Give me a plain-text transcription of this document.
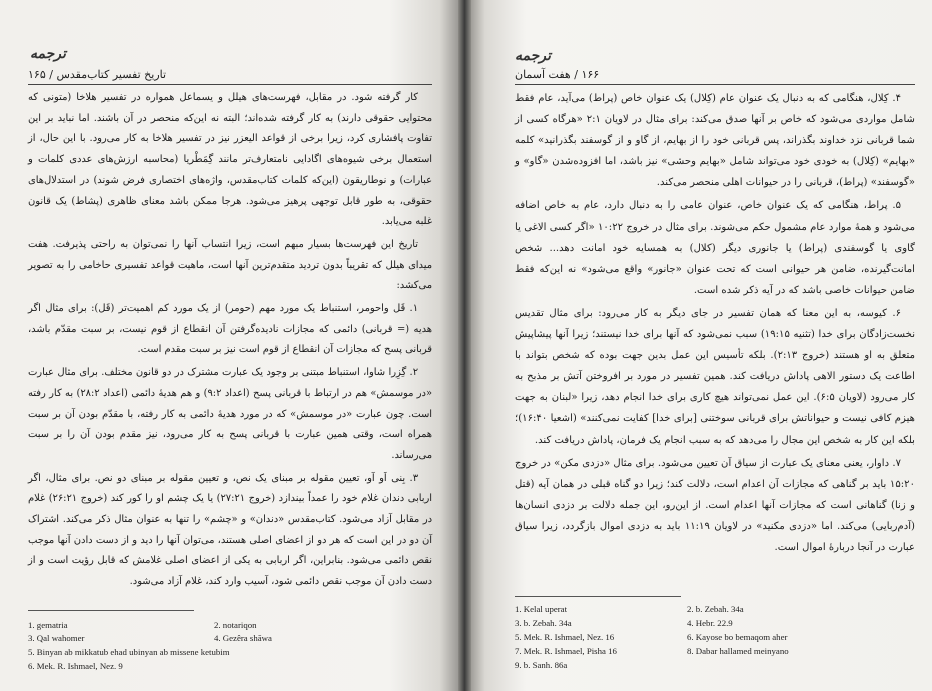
ترجمه
تاریخ تفسیر کتاب‌مقدس / ۱۶۵

کار گرفته شود. در مقابل، فهرست‌های هیلل و یسماعل همواره در تفسیر هلاخا (متونی که محتوایی حقوقی دارند) به کار گرفته شده‌اند؛ البته نه این‌که منحصر در آن باشند. اما نباید بر این تفاوت پافشاری کرد، زیرا برخی از قواعد الیعزر نیز در تفسیر هلاخا به کار می‌رود. با این حال، از استعمال برخی شیوه‌های اگادایی نامتعارف‌تر مانند گِمَطْریا (محاسبه ارزش‌های عددی کلمات و عبارات) و نوطاریقون (این‌که کلمات کتاب‌مقدس، واژه‌های اختصاری فرض شوند) در استدلال‌های حقوقی، به طور قابل توجهی پرهیز می‌شود. هرجا ممکن باشد معنای ظاهری (پشاط) یک قانون غلبه می‌یابد.

تاریخ این فهرست‌ها بسیار مبهم است، زیرا انتساب آنها را نمی‌توان به راحتی پذیرفت. هفت میدای هیلل که تقریباً بدون تردید متقدم‌ترین آنها است، ماهیت قواعد تفسیری حاخامی را به تصویر می‌کشد:

۱. قَل واحومر، استنباط یک مورد مهم (حومر) از یک مورد کم اهمیت‌تر (قَل): برای مثال اگر هدیه (= قربانی) دائمی که مجازات نادیده‌گرفتن آن انقطاع از قوم نیست، بر سبت مقدّم باشد، قربانی پسح که مجازات آن انقطاع از قوم است نیز بر سبت مقدم است.

۲. گِزِرا شاوا، استنباط مبتنی بر وجود یک عبارت مشترک در دو قانون مختلف. برای مثال عبارت «در موسمش» هم در ارتباط با قربانی پسح (اعداد ۹:۲) و هم هدیهٔ دائمی (اعداد ۲۸:۲) به کار رفته است. چون عبارت «در موسمش» که در مورد هدیهٔ دائمی به کار رفته، با مقدّم بودن آن بر سبت همراه است، وقتی همین عبارت با قربانی پسح به کار می‌رود، نیز مقدم بودن آن را بر سبت می‌رساند.

۳. بِنی اَو آو، تعیین مقوله بر مبنای یک نص، و تعیین مقوله بر مبنای دو نص. برای مثال، اگر اربابی دندان غلام خود را عمداً بیندازد (خروج ۲۷:۲۱) یا یک چشم او را کور کند (خروج ۲۶:۲۱) غلام در مقابل آزاد می‌شود. کتاب‌مقدس «دندان» و «چشم» را تنها به عنوان مثال ذکر می‌کند. اشتراک آن دو در این است که هر دو از اعضای اصلی هستند، می‌توان آنها را دید و از دست دادن آنها موجب نقص دائمی می‌شود. بنابراین، اگر اربابی به یکی از اعضای اصلی غلامش که قابل رؤیت است و از دست دادن آن موجب نقص دائمی شود، آسیب وارد کند، غلام آزاد می‌شود.

1. gematria	2. notariqon
3. Qal wahomer	4. Gezêra shāwa
5. Binyan ab mikkatub ehad ubinyan ab missene ketubim
6. Mek. R. Ishmael, Nez. 9
ترجمه
۱۶۶ / هفت آسمان

۴. کِلال، هنگامی که به دنبال یک عنوان عام (کِلال) یک عنوان خاص (پراط) می‌آید، عام فقط شامل مواردی می‌شود که خاص بر آنها صدق می‌کند: برای مثال در لاویان ۲:۱ «هرگاه کسی از شما قربانی نزد خداوند بگذراند، پس قربانی خود را از بهایم، از گاو و از گوسفند بگذرانید» کلمه «بهایم» (کِلال) به خودی خود می‌تواند شامل «بهایم وحشی» نیز باشد، اما افزوده‌شدن «گاو» و «گوسفند» (پراط)، قربانی را در حیوانات اهلی منحصر می‌کند.

۵. پراط، هنگامی که یک عنوان خاص، عنوان عامی را به دنبال دارد، عام به خاص اضافه می‌شود و همهٔ موارد عام مشمول حکم می‌شوند. برای مثال در خروج ۱۰:۲۲ «اگر کسی الاغی یا گاوی یا گوسفندی (پراط) یا جانوری دیگر (کلال) به همسایه خود امانت دهد... شخص امانت‌گیرنده، ضامن هر حیوانی است که تحت عنوان «جانور» واقع می‌شود» نه این‌که فقط ضامن حیوانات خاصی باشد که در آیه ذکر شده است.

۶. کیوسه، به این معنا که همان تفسیر در جای دیگر به کار می‌رود: برای مثال تقدیس نخست‌زادگان برای خدا (تثنیه ۱۹:۱۵) سبب نمی‌شود که آنها برای خدا نیستند؛ زیرا آنها پیشاپیش متعلق به او هستند (خروج ۲:۱۳). بلکه تأسیس این عمل بدین جهت بوده که شخص بتواند با اطاعت یک دستور الاهی پاداش دریافت کند. همین تفسیر در مورد بر افروختن آتش بر مذبح به کار می‌رود (لاویان ۶:۵). این عمل نمی‌تواند هیچ کاری برای خدا انجام دهد، زیرا «لبنان به جهت هیزم کافی نیست و حیواناتش برای قربانی سوختنی [برای خدا] کفایت نمی‌کنند» (اشعیا ۱۶:۴۰)؛ بلکه این کار به شخص این مجال را می‌دهد که به سبب انجام یک فرمان، پاداش دریافت کند.

۷. داوار، یعنی معنای یک عبارت از سیاق آن تعیین می‌شود. برای مثال «دزدی مکن» در خروج ۱۵:۲۰ باید بر گناهی که مجازات آن اعدام است، دلالت کند؛ زیرا دو گناه قبلی در همان آیه (قتل و زنا) گناهانی است که مجازات آنها اعدام است. از این‌رو، این جمله دلالت بر دزدی انسان‌ها (آدم‌ربایی) می‌کند. اما «دزدی مکنید» در لاویان ۱۱:۱۹ باید به دزدی اموال بازگردد، زیرا سیاق عبارت در آنجا دربارهٔ اموال است.

1. Kelal uperat	2. b. Zebah. 34a
3. b. Zebah. 34a	4. Hebr. 22.9
5. Mek. R. Ishmael, Nez. 16	6. Kayose bo bemaqom aher
7. Mek. R. Ishmael, Pisha 16	8. Dabar hallamed meinyano
9. b. Sanh. 86a
